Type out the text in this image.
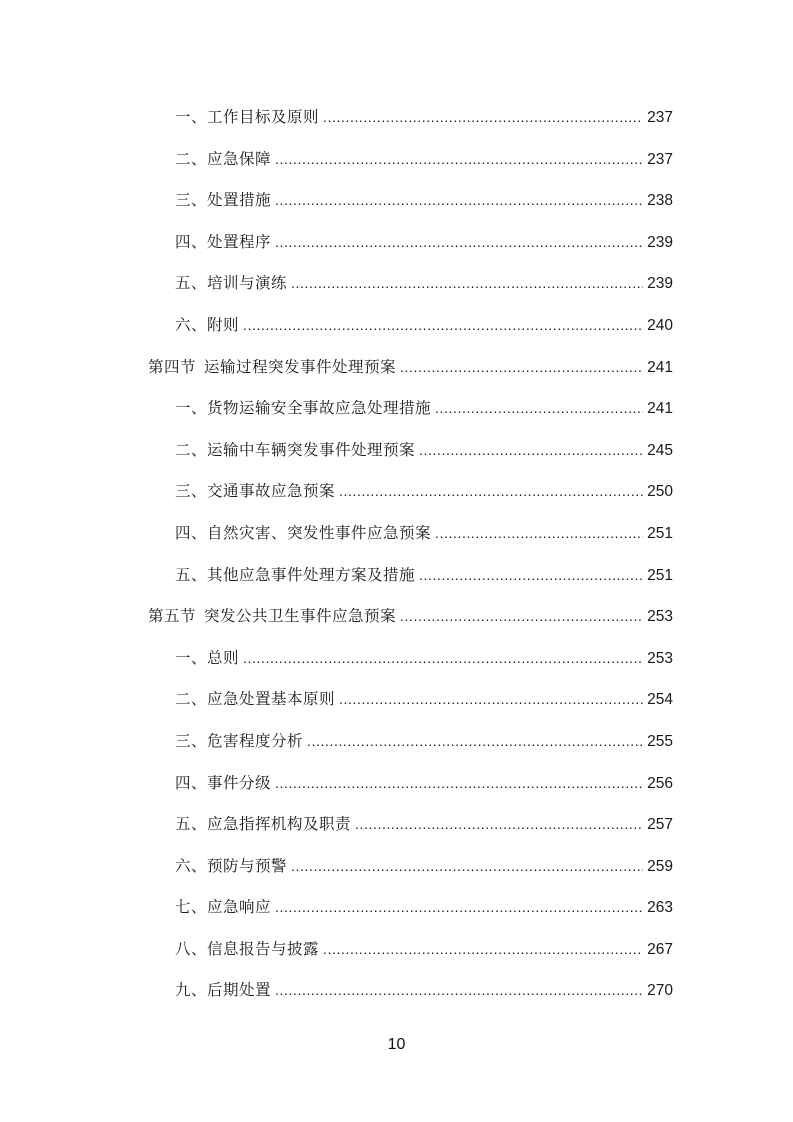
一、工作目标及原则 .....	237
二、应急保障 .....	237
三、处置措施 .....	238
四、处置程序 .....	239
五、培训与演练 .....	239
六、附则 .....	240
第四节 运输过程突发事件处理预案 .....	241
一、货物运输安全事故应急处理措施 .....	241
二、运输中车辆突发事件处理预案 .....	245
三、交通事故应急预案 .....	250
四、自然灾害、突发性事件应急预案 .....	251
五、其他应急事件处理方案及措施 .....	251
第五节 突发公共卫生事件应急预案 .....	253
一、总则 .....	253
二、应急处置基本原则 .....	254
三、危害程度分析 .....	255
四、事件分级 .....	256
五、应急指挥机构及职责 .....	257
六、预防与预警 .....	259
七、应急响应 .....	263
八、信息报告与披露 .....	267
九、后期处置 .....	270
10
